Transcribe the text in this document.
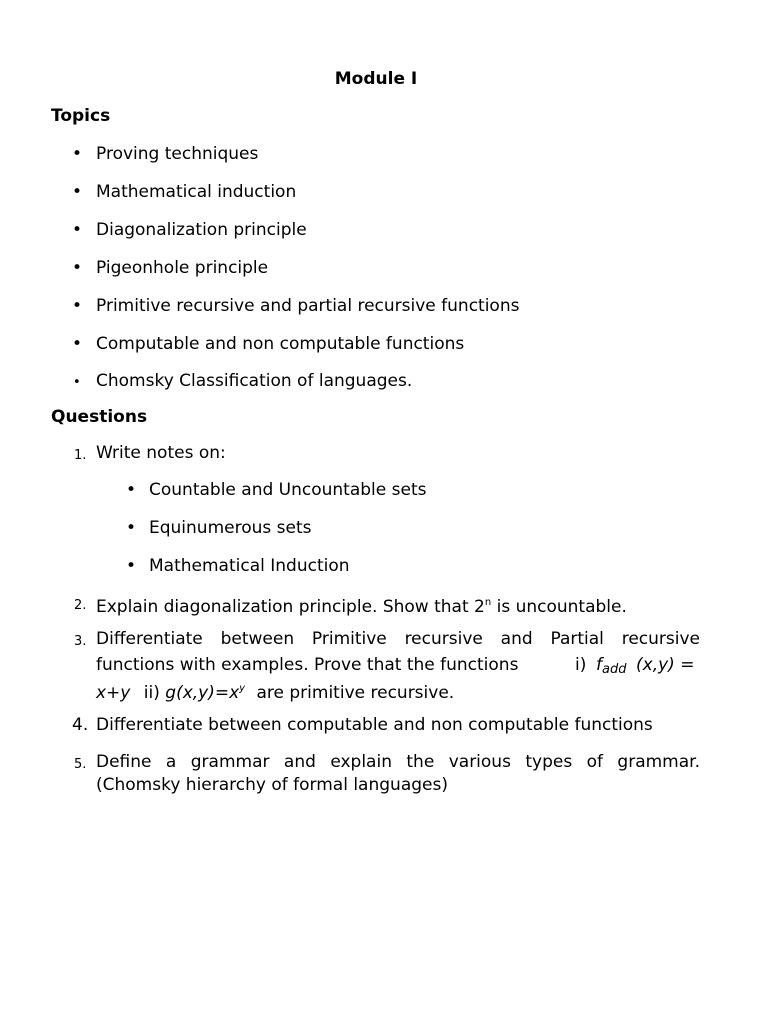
Module I
Topics
• Proving techniques
• Mathematical induction
• Diagonalization principle
• Pigeonhole principle
• Primitive recursive and partial recursive functions
• Computable and non computable functions
• Chomsky Classification of languages.
Questions
1. Write notes on:
• Countable and Uncountable sets
• Equinumerous sets
• Mathematical Induction
2. Explain diagonalization principle. Show that 2$^n$ is uncountable.
3. Differentiate between Primitive recursive and Partial recursive
functions with examples. Prove that the functions	i) $f_{add}$ (x,y) =
x+y ii) $g(x,y)=x^y$ are primitive recursive.
4. Differentiate between computable and non computable functions
5. Define a grammar and explain the various types of grammar.
(Chomsky hierarchy of formal languages)
